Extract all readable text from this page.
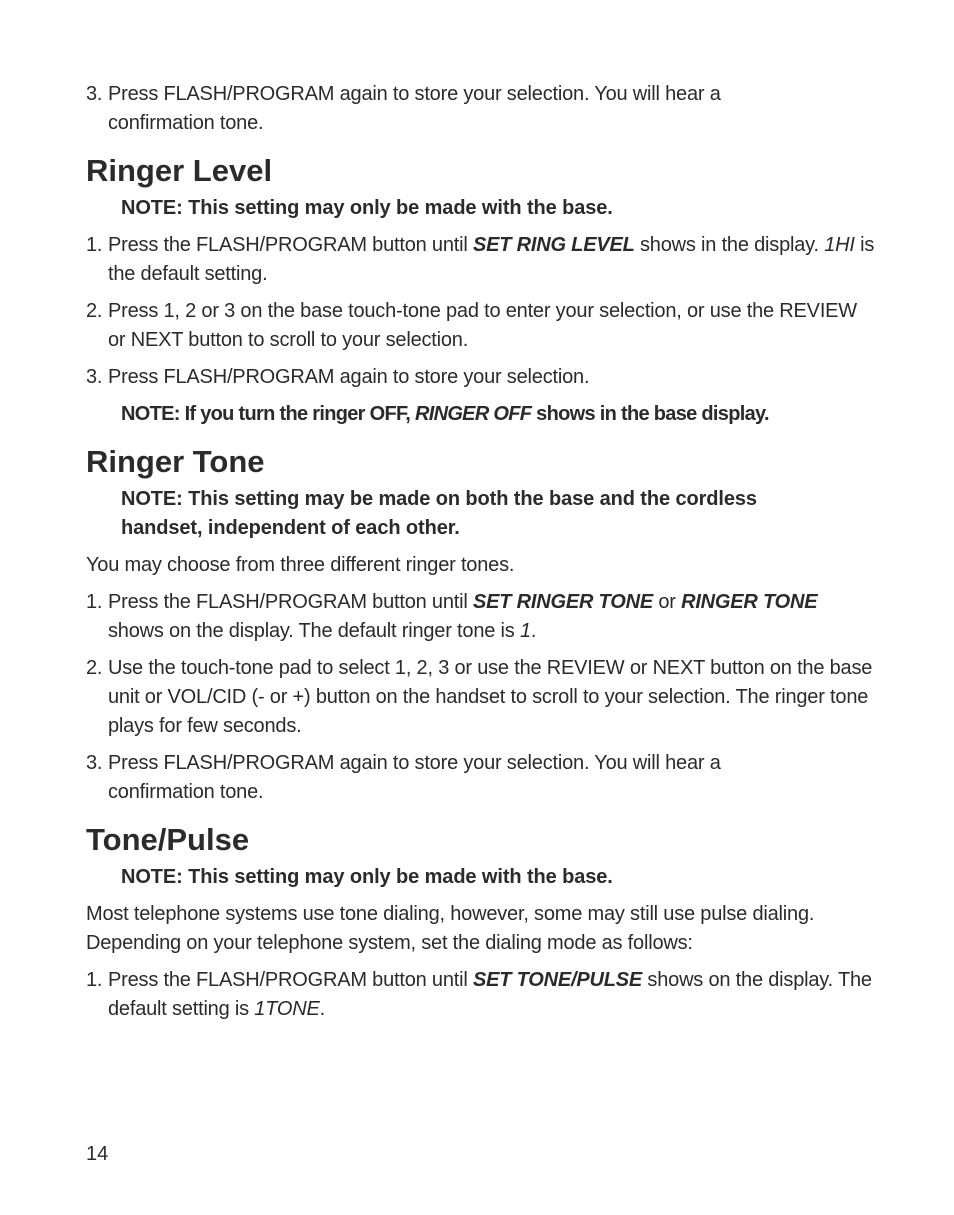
3. Press FLASH/PROGRAM again to store your selection. You will hear a confirmation tone.
Ringer Level
NOTE: This setting may only be made with the base.
1. Press the FLASH/PROGRAM button until SET RING LEVEL shows in the display. 1HI is the default setting.
2. Press 1, 2 or 3 on the base touch-tone pad to enter your selection, or use the REVIEW or NEXT button to scroll to your selection.
3. Press FLASH/PROGRAM again to store your selection.
NOTE: If you turn the ringer OFF, RINGER OFF shows in the base display.
Ringer Tone
NOTE: This setting may be made on both the base and the cordless handset, independent of each other.

You may choose from three different ringer tones.

1. Press the FLASH/PROGRAM button until SET RINGER TONE or RINGER TONE shows on the display. The default ringer tone is 1.
2. Use the touch-tone pad to select 1, 2, 3 or use the REVIEW or NEXT button on the base unit or VOL/CID (- or +) button on the handset to scroll to your selection. The ringer tone plays for few seconds.
3. Press FLASH/PROGRAM again to store your selection. You will hear a confirmation tone.
Tone/Pulse
NOTE: This setting may only be made with the base.

Most telephone systems use tone dialing, however, some may still use pulse dialing. Depending on your telephone system, set the dialing mode as follows:

1. Press the FLASH/PROGRAM button until SET TONE/PULSE shows on the display. The default setting is 1TONE.
14
